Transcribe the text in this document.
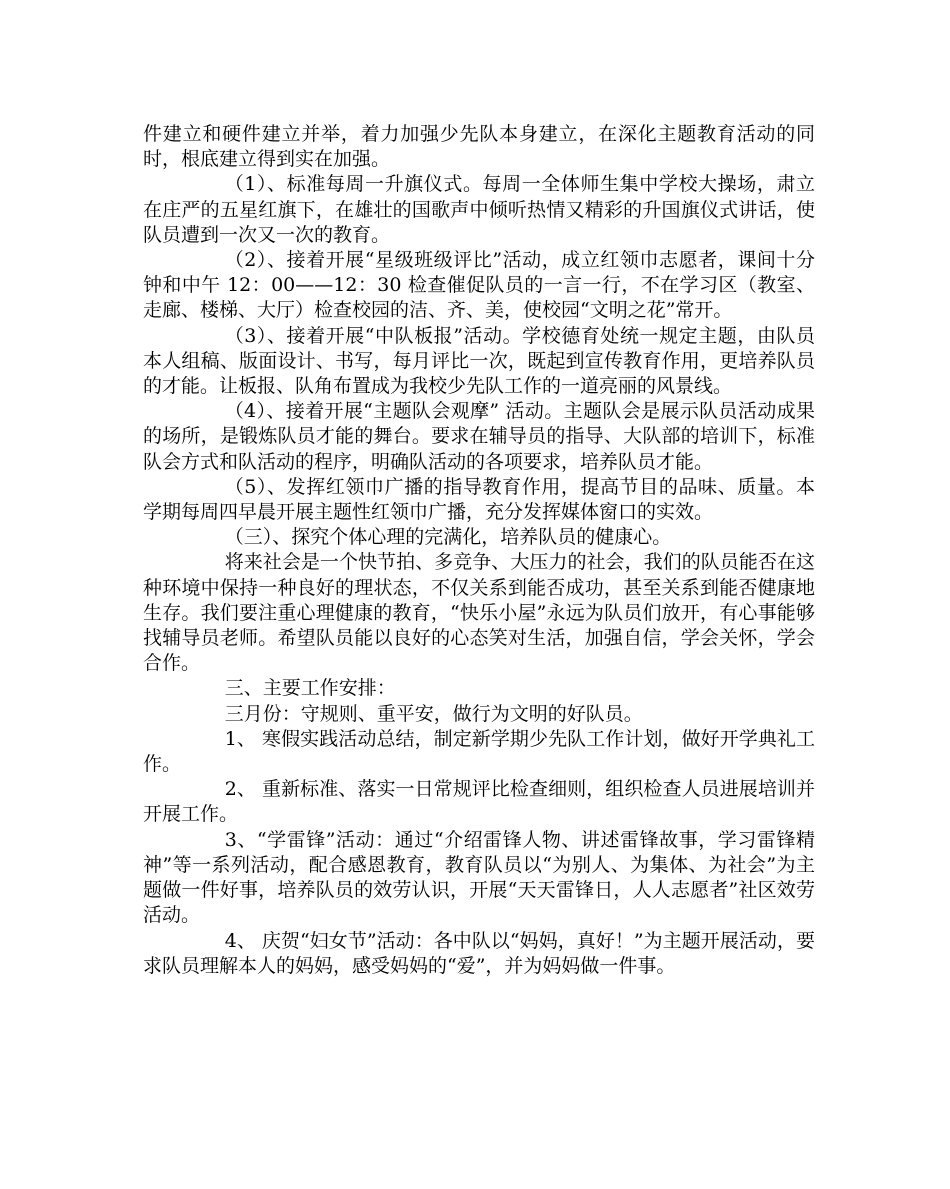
件建立和硬件建立并举，着力加强少先队本身建立，在深化主题教育活动的同时，根底建立得到实在加强。

（1）、标准每周一升旗仪式。每周一全体师生集中学校大操场，肃立在庄严的五星红旗下，在雄壮的国歌声中倾听热情又精彩的升国旗仪式讲话，使队员遭到一次又一次的教育。

（2）、接着开展“星级班级评比”活动，成立红领巾志愿者，课间十分钟和中午 12：00——12：30 检查催促队员的一言一行，不在学习区（教室、走廊、楼梯、大厅）检查校园的洁、齐、美，使校园“文明之花”常开。

（3）、接着开展“中队板报”活动。学校德育处统一规定主题，由队员本人组稿、版面设计、书写，每月评比一次，既起到宣传教育作用，更培养队员的才能。让板报、队角布置成为我校少先队工作的一道亮丽的风景线。

（4）、接着开展“主题队会观摩” 活动。主题队会是展示队员活动成果的场所，是锻炼队员才能的舞台。要求在辅导员的指导、大队部的培训下，标准队会方式和队活动的程序，明确队活动的各项要求，培养队员才能。

（5）、发挥红领巾广播的指导教育作用，提高节目的品味、质量。本学期每周四早晨开展主题性红领巾广播，充分发挥媒体窗口的实效。

（三）、探究个体心理的完满化，培养队员的健康心。

将来社会是一个快节拍、多竞争、大压力的社会，我们的队员能否在这种环境中保持一种良好的理状态，不仅关系到能否成功，甚至关系到能否健康地生存。我们要注重心理健康的教育，“快乐小屋”永远为队员们放开，有心事能够找辅导员老师。希望队员能以良好的心态笑对生活，加强自信，学会关怀，学会合作。

三、主要工作安排：

三月份：守规则、重平安，做行为文明的好队员。

1、 寒假实践活动总结，制定新学期少先队工作计划，做好开学典礼工作。

2、 重新标准、落实一日常规评比检查细则，组织检查人员进展培训并开展工作。

3、“学雷锋”活动：通过“介绍雷锋人物、讲述雷锋故事，学习雷锋精神”等一系列活动，配合感恩教育，教育队员以“为别人、为集体、为社会”为主题做一件好事，培养队员的效劳认识，开展“天天雷锋日，人人志愿者”社区效劳活动。

4、 庆贺“妇女节”活动：各中队以“妈妈，真好！”为主题开展活动，要求队员理解本人的妈妈，感受妈妈的“爱”，并为妈妈做一件事。
